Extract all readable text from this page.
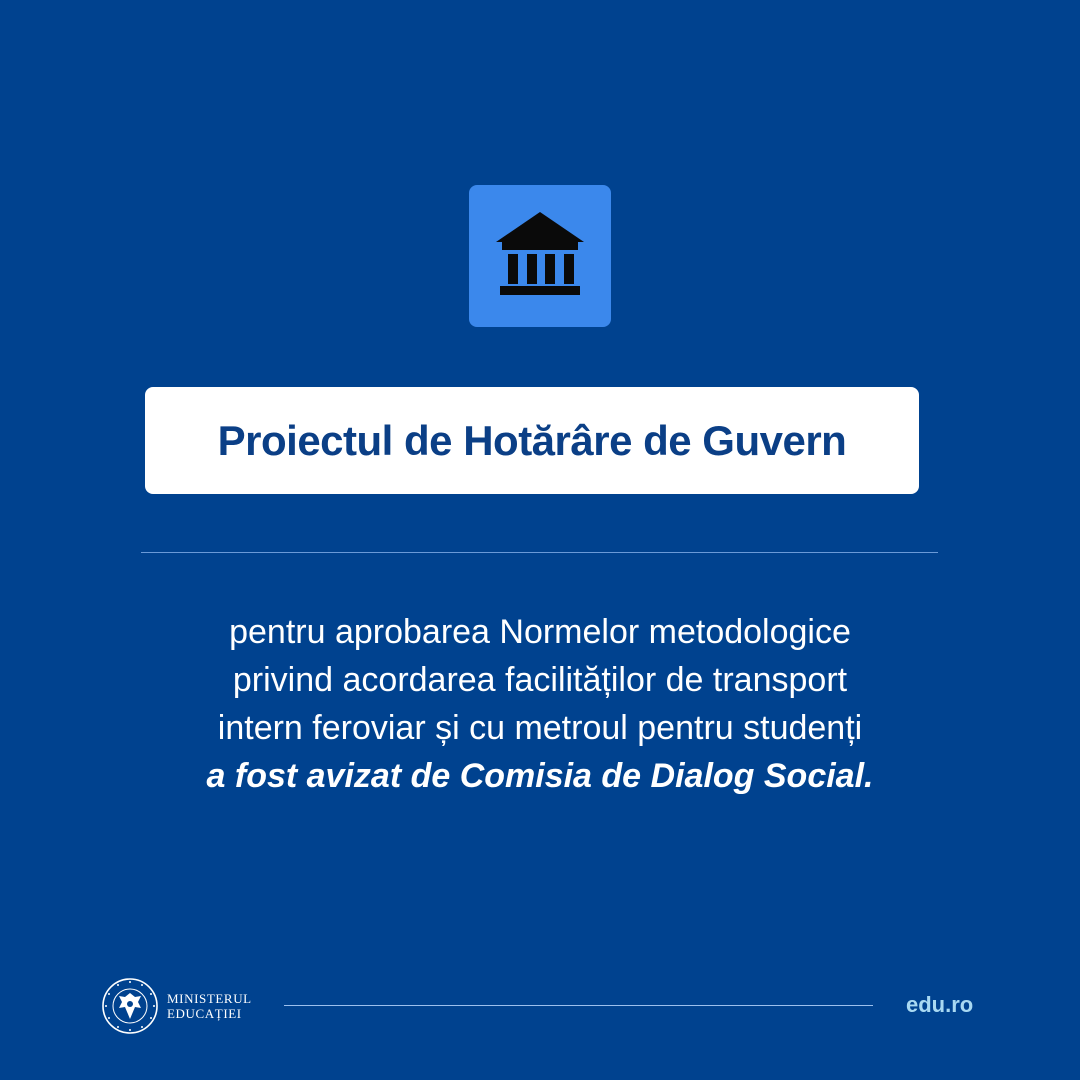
Proiectul de Hotărâre de Guvern
pentru aprobarea Normelor metodologice
privind acordarea facilităților de transport
intern feroviar și cu metroul pentru studenți
a fost avizat de Comisia de Dialog Social.
MINISTERUL
EDUCAȚIEI	edu.ro
